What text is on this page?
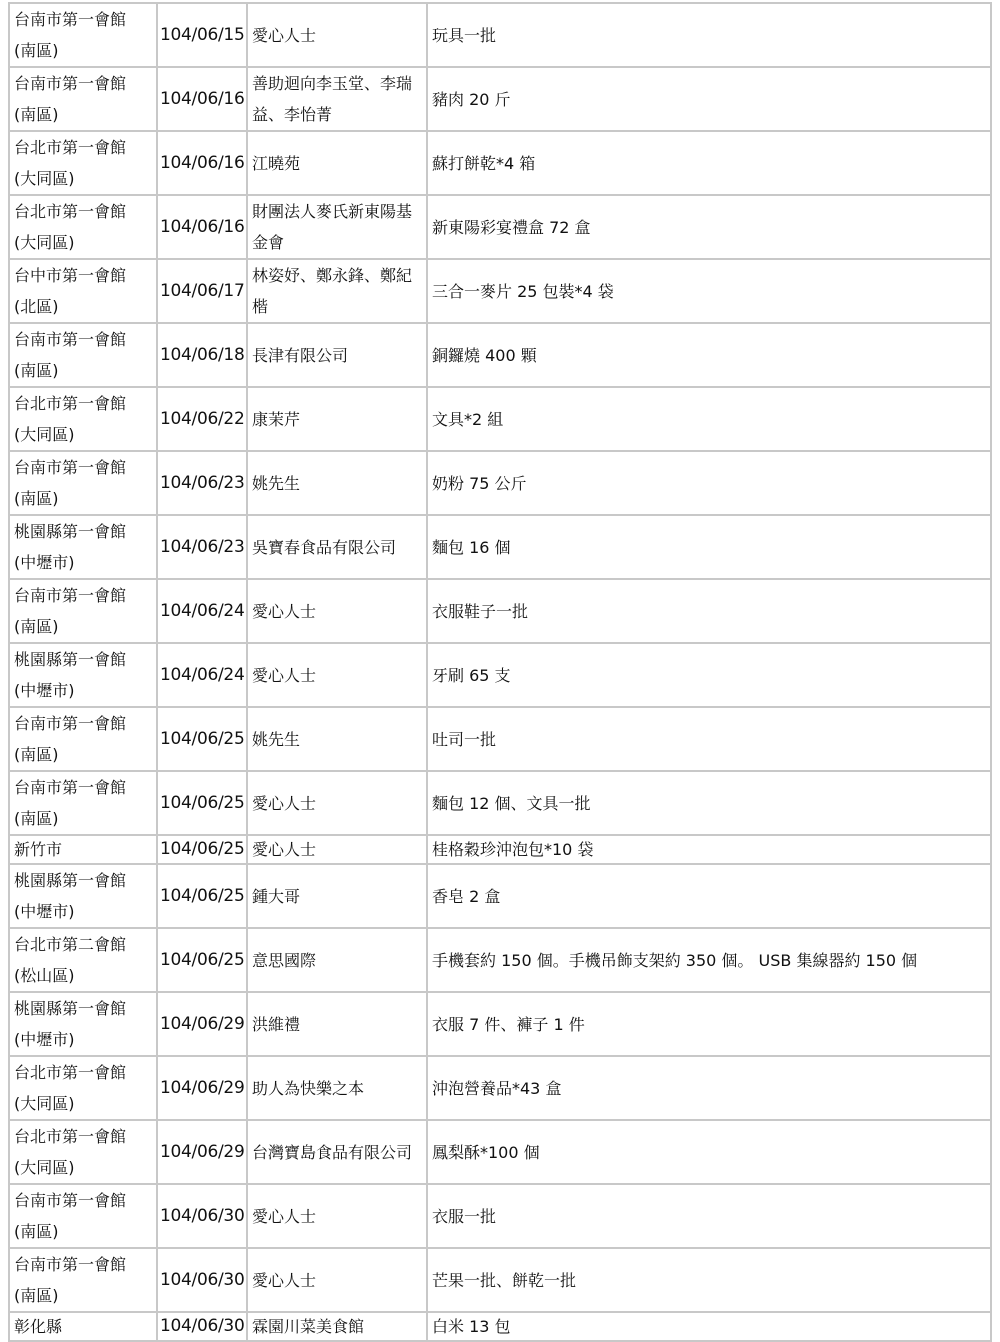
台南市第一會館
(南區)	104/06/15	愛心人士	玩具一批

台南市第一會館
(南區)	104/06/16	善助迴向李玉堂、李瑞
益、李怡菁	豬肉 20 斤

台北市第一會館
(大同區)	104/06/16	江曉苑	蘇打餅乾*4 箱

台北市第一會館
(大同區)	104/06/16	財團法人麥氏新東陽基
金會	新東陽彩宴禮盒 72 盒

台中市第一會館
(北區)	104/06/17	林姿妤、鄭永鋒、鄭紀
楷	三合一麥片 25 包裝*4 袋

台南市第一會館
(南區)	104/06/18	長津有限公司	銅鑼燒 400 顆

台北市第一會館
(大同區)	104/06/22	康茉芹	文具*2 組

台南市第一會館
(南區)	104/06/23	姚先生	奶粉 75 公斤

桃園縣第一會館
(中壢市)	104/06/23	吳寶春食品有限公司	麵包 16 個

台南市第一會館
(南區)	104/06/24	愛心人士	衣服鞋子一批

桃園縣第一會館
(中壢市)	104/06/24	愛心人士	牙刷 65 支

台南市第一會館
(南區)	104/06/25	姚先生	吐司一批

台南市第一會館
(南區)	104/06/25	愛心人士	麵包 12 個、文具一批

新竹市	104/06/25	愛心人士	桂格穀珍沖泡包*10 袋

桃園縣第一會館
(中壢市)	104/06/25	鍾大哥	香皂 2 盒

台北市第二會館
(松山區)	104/06/25	意思國際	手機套約 150 個。手機吊飾支架約 350 個。 USB 集線器約 150 個

桃園縣第一會館
(中壢市)	104/06/29	洪維禮	衣服 7 件、褲子 1 件

台北市第一會館
(大同區)	104/06/29	助人為快樂之本	沖泡營養品*43 盒

台北市第一會館
(大同區)	104/06/29	台灣寶島食品有限公司	鳳梨酥*100 個

台南市第一會館
(南區)	104/06/30	愛心人士	衣服一批

台南市第一會館
(南區)	104/06/30	愛心人士	芒果一批、餅乾一批

彰化縣	104/06/30	霖園川菜美食館	白米 13 包
